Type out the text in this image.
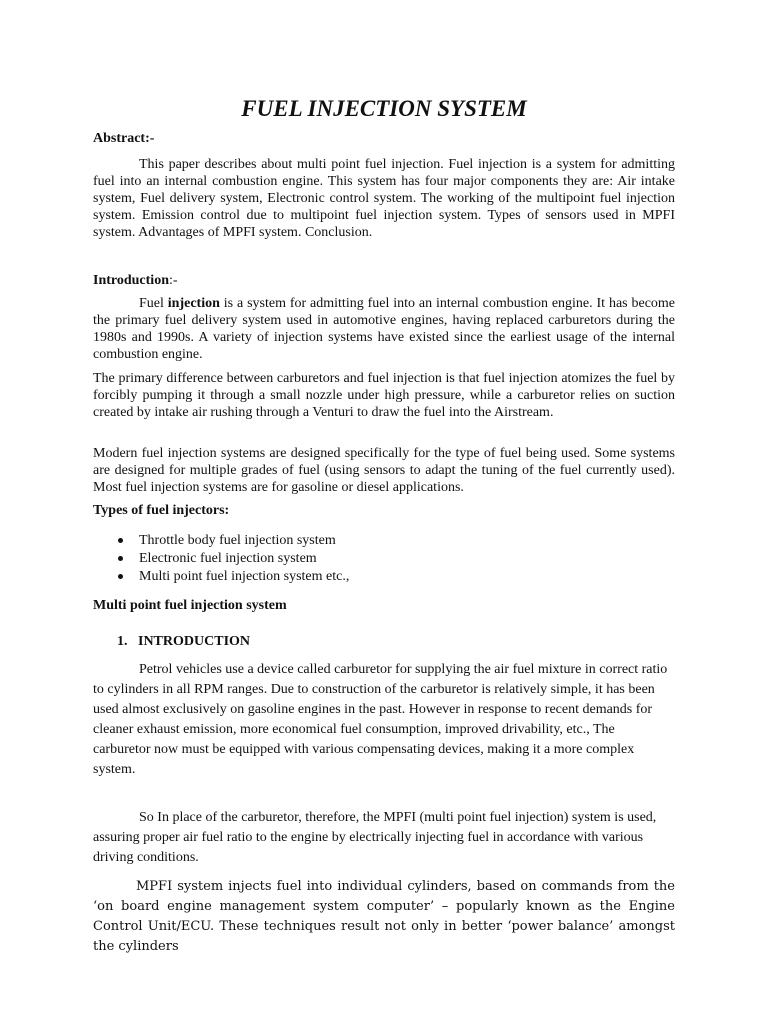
FUEL INJECTION SYSTEM
Abstract:-
This paper describes about multi point fuel injection. Fuel injection is a system for admitting fuel into an internal combustion engine. This system has four major components they are: Air intake system, Fuel delivery system, Electronic control system. The working of the multipoint fuel injection system. Emission control due to multipoint fuel injection system. Types of sensors used in MPFI system. Advantages of MPFI system. Conclusion.
Introduction:-
Fuel injection is a system for admitting fuel into an internal combustion engine. It has become the primary fuel delivery system used in automotive engines, having replaced carburetors during the 1980s and 1990s. A variety of injection systems have existed since the earliest usage of the internal combustion engine.
The primary difference between carburetors and fuel injection is that fuel injection atomizes the fuel by forcibly pumping it through a small nozzle under high pressure, while a carburetor relies on suction created by intake air rushing through a Venturi to draw the fuel into the Airstream.
Modern fuel injection systems are designed specifically for the type of fuel being used. Some systems are designed for multiple grades of fuel (using sensors to adapt the tuning of the fuel currently used). Most fuel injection systems are for gasoline or diesel applications.
Types of fuel injectors:
Throttle body fuel injection system
Electronic fuel injection system
Multi point fuel injection system etc.,
Multi point fuel injection system
1. INTRODUCTION
Petrol vehicles use a device called carburetor for supplying the air fuel mixture in correct ratio to cylinders in all RPM ranges. Due to construction of the carburetor is relatively simple, it has been used almost exclusively on gasoline engines in the past. However in response to recent demands for cleaner exhaust emission, more economical fuel consumption, improved drivability, etc., The carburetor now must be equipped with various compensating devices, making it a more complex system.
So In place of the carburetor, therefore, the MPFI (multi point fuel injection) system is used, assuring proper air fuel ratio to the engine by electrically injecting fuel in accordance with various driving conditions.
MPFI system injects fuel into individual cylinders, based on commands from the ‘on board engine management system computer’ – popularly known as the Engine Control Unit/ECU. These techniques result not only in better ‘power balance’ amongst the cylinders
